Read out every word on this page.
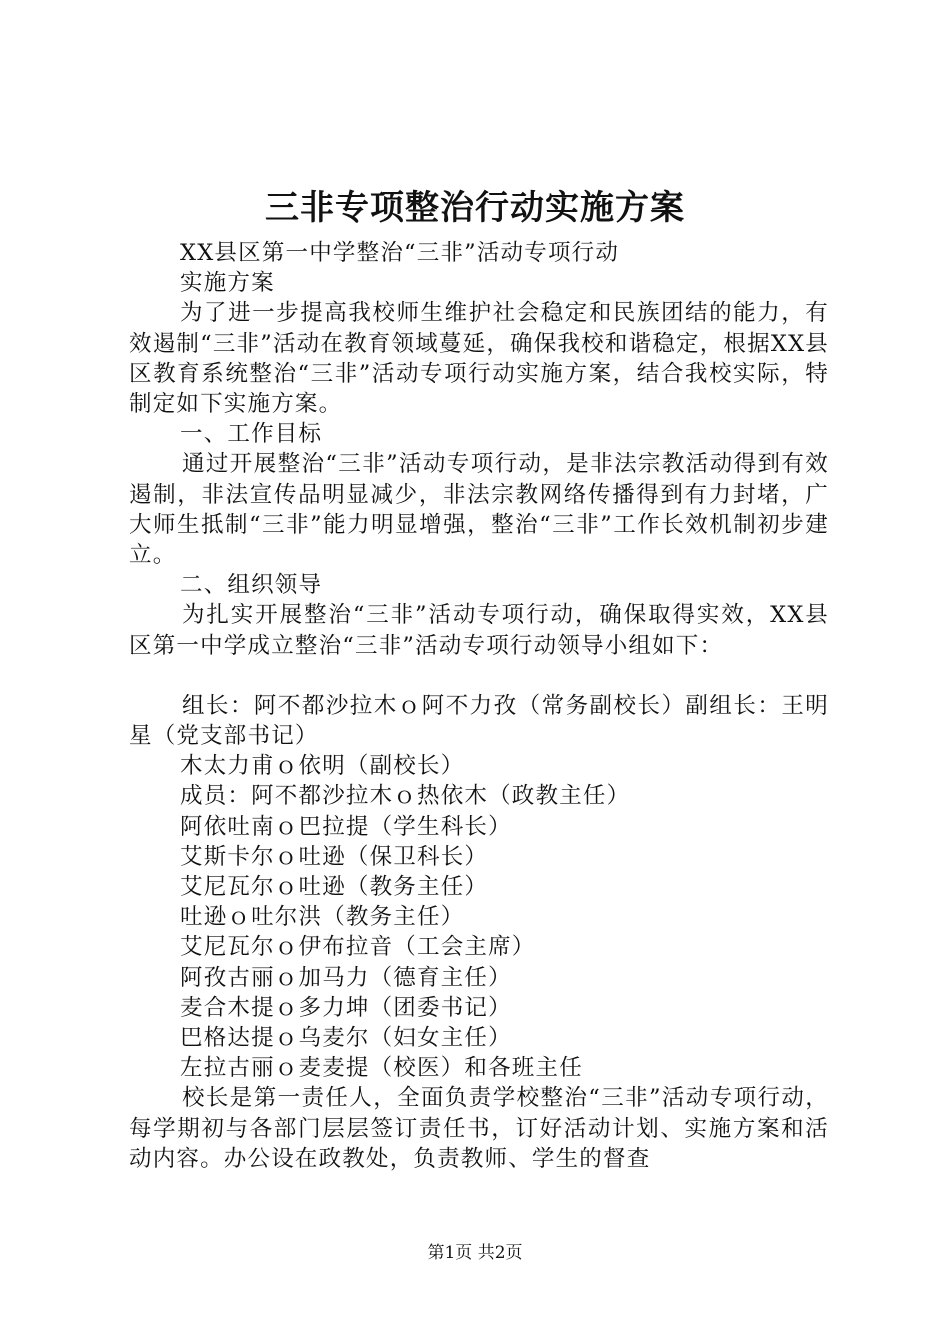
三非专项整治行动实施方案

XX县区第一中学整治“三非”活动专项行动

实施方案

为了进一步提高我校师生维护社会稳定和民族团结的能力，有效遏制“三非”活动在教育领域蔓延，确保我校和谐稳定，根据XX县区教育系统整治“三非”活动专项行动实施方案，结合我校实际，特制定如下实施方案。

一、工作目标

通过开展整治“三非”活动专项行动，是非法宗教活动得到有效遏制，非法宣传品明显减少，非法宗教网络传播得到有力封堵，广大师生抵制“三非”能力明显增强，整治“三非”工作长效机制初步建立。

二、组织领导

为扎实开展整治“三非”活动专项行动，确保取得实效，XX县区第一中学成立整治“三非”活动专项行动领导小组如下：

组长：阿不都沙拉木ｏ阿不力孜（常务副校长）副组长：王明星（党支部书记）

木太力甫ｏ依明（副校长）

成员：阿不都沙拉木ｏ热依木（政教主任）

阿依吐南ｏ巴拉提（学生科长）

艾斯卡尔ｏ吐逊（保卫科长）

艾尼瓦尔ｏ吐逊（教务主任）

吐逊ｏ吐尔洪（教务主任）

艾尼瓦尔ｏ伊布拉音（工会主席）

阿孜古丽ｏ加马力（德育主任）

麦合木提ｏ多力坤（团委书记）

巴格达提ｏ乌麦尔（妇女主任）

左拉古丽ｏ麦麦提（校医）和各班主任

校长是第一责任人，全面负责学校整治“三非”活动专项行动，每学期初与各部门层层签订责任书，订好活动计划、实施方案和活动内容。办公设在政教处，负责教师、学生的督查

第1页 共2页
